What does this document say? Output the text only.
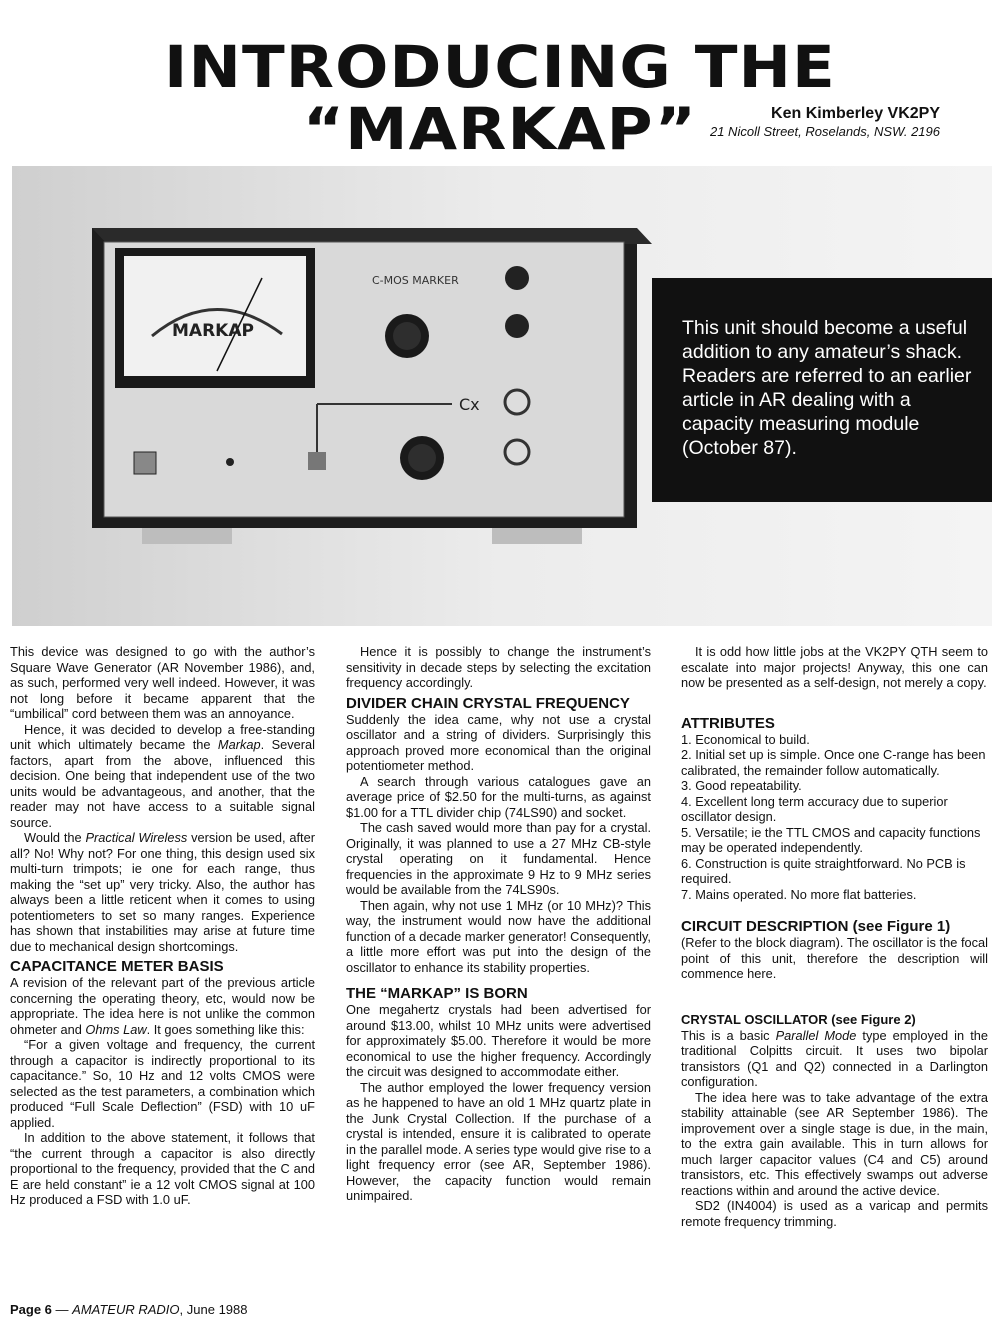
INTRODUCING THE “MARKAP”	Ken Kimberley VK2PY
21 Nicoll Street, Roselands, NSW. 2196
MARKAP
C-MOS MARKER
Cx
This unit should become a useful addition to any amateur’s shack. Readers are referred to an earlier article in AR dealing with a capacity measuring module (October 87).

This device was designed to go with the author’s Square Wave Generator (AR November 1986), and, as such, performed very well indeed. However, it was not long before it became apparent that the “umbilical” cord between them was an annoyance.

Hence, it was decided to develop a free-standing unit which ultimately became the Markap. Several factors, apart from the above, influenced this decision. One being that independent use of the two units would be advantageous, and another, that the reader may not have access to a suitable signal source.

Would the Practical Wireless version be used, after all? No! Why not? For one thing, this design used six multi-turn trimpots; ie one for each range, thus making the “set up” very tricky. Also, the author has always been a little reticent when it comes to using potentiometers to set so many ranges. Experience has shown that instabilities may arise at future time due to mechanical design shortcomings.

CAPACITANCE METER BASIS

A revision of the relevant part of the previous article concerning the operating theory, etc, would now be appropriate. The idea here is not unlike the common ohmeter and Ohms Law. It goes something like this:

“For a given voltage and frequency, the current through a capacitor is indirectly proportional to its capacitance.” So, 10 Hz and 12 volts CMOS were selected as the test parameters, a combination which produced “Full Scale Deflection” (FSD) with 10 uF applied.

In addition to the above statement, it follows that “the current through a capacitor is also directly proportional to the frequency, provided that the C and E are held constant” ie a 12 volt CMOS signal at 100 Hz produced a FSD with 1.0 uF.

Hence it is possibly to change the instrument’s sensitivity in decade steps by selecting the excitation frequency accordingly.

DIVIDER CHAIN CRYSTAL FREQUENCY

Suddenly the idea came, why not use a crystal oscillator and a string of dividers. Surprisingly this approach proved more economical than the original potentiometer method.

A search through various catalogues gave an average price of $2.50 for the multi-turns, as against $1.00 for a TTL divider chip (74LS90) and socket.

The cash saved would more than pay for a crystal. Originally, it was planned to use a 27 MHz CB-style crystal operating on it fundamental. Hence frequencies in the approximate 9 Hz to 9 MHz series would be available from the 74LS90s.

Then again, why not use 1 MHz (or 10 MHz)? This way, the instrument would now have the additional function of a decade marker generator! Consequently, a little more effort was put into the design of the oscillator to enhance its stability properties.

THE “MARKAP” IS BORN

One megahertz crystals had been advertised for around $13.00, whilst 10 MHz units were advertised for approximately $5.00. Therefore it would be more economical to use the higher frequency. Accordingly the circuit was designed to accommodate either.

The author employed the lower frequency version as he happened to have an old 1 MHz quartz plate in the Junk Crystal Collection. If the purchase of a crystal is intended, ensure it is calibrated to operate in the parallel mode. A series type would give rise to a light frequency error (see AR, September 1986). However, the capacity function would remain unimpaired.

It is odd how little jobs at the VK2PY QTH seem to escalate into major projects! Anyway, this one can now be presented as a self-design, not merely a copy.

ATTRIBUTES
1. Economical to build.
2. Initial set up is simple. Once one C-range has been calibrated, the remainder follow automatically.
3. Good repeatability.
4. Excellent long term accuracy due to superior oscillator design.
5. Versatile; ie the TTL CMOS and capacity functions may be operated independently.
6. Construction is quite straightforward. No PCB is required.
7. Mains operated. No more flat batteries.
CIRCUIT DESCRIPTION (see Figure 1)

(Refer to the block diagram). The oscillator is the focal point of this unit, therefore the description will commence here.

CRYSTAL OSCILLATOR (see Figure 2)

This is a basic Parallel Mode type employed in the traditional Colpitts circuit. It uses two bipolar transistors (Q1 and Q2) connected in a Darlington configuration.

The idea here was to take advantage of the extra stability attainable (see AR September 1986). The improvement over a single stage is due, in the main, to the extra gain available. This in turn allows for much larger capacitor values (C4 and C5) around transistors, etc. This effectively swamps out adverse reactions within and around the active device.

SD2 (IN4004) is used as a varicap and permits remote frequency trimming.

Page 6 — AMATEUR RADIO, June 1988
